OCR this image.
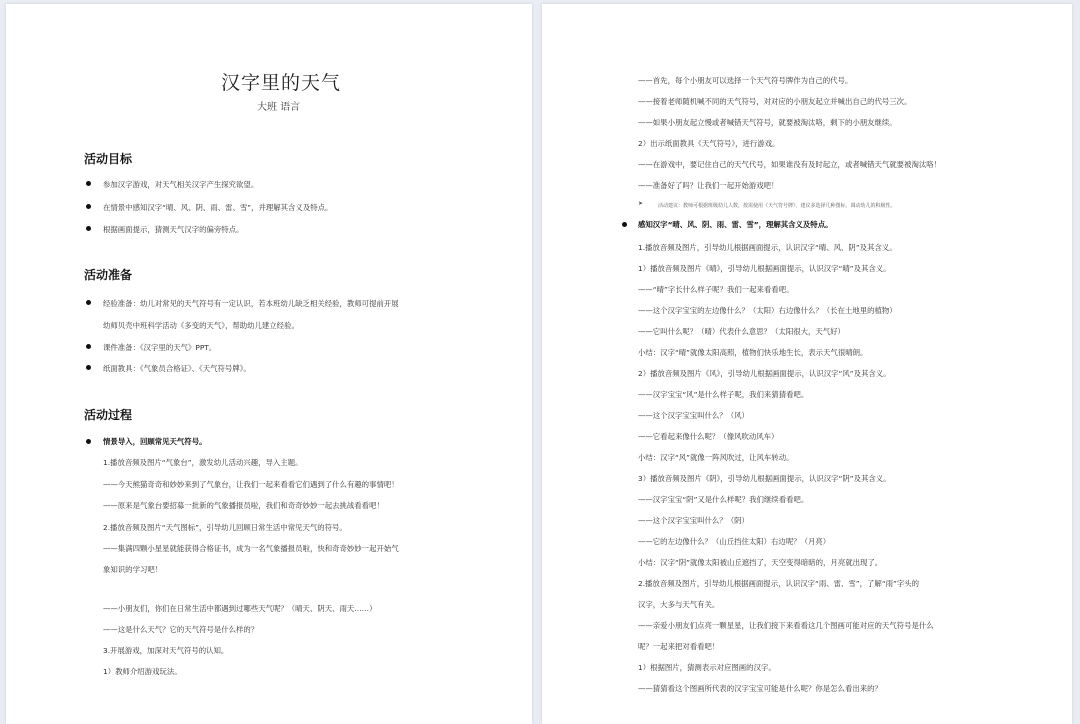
汉字里的天气
大班 语言
活动目标
参加汉字游戏，对天气相关汉字产生探究欲望。
在情景中感知汉字“晴、风、阴、雨、雷、雪”，并理解其含义及特点。
根据画面提示，猜测天气汉字的偏旁特点。
活动准备
经验准备：幼儿对常见的天气符号有一定认识，若本班幼儿缺乏相关经验，教师可提前开展
幼师贝壳中班科学活动《多变的天气》，帮助幼儿建立经验。
课件准备：《汉字里的天气》PPT。
纸面教具：《气象员合格证》、《天气符号牌》。
活动过程
情景导入，回顾常见天气符号。
1.播放音频及图片“气象台”，激发幼儿活动兴趣，导入主题。
——今天熊猫奇奇和妙妙来到了气象台，让我们一起来看看它们遇到了什么有趣的事情吧！
——原来是气象台要招募一批新的气象播报员啦，我们和奇奇妙妙一起去挑战看看吧！
2.播放音频及图片“天气图标”，引导幼儿回顾日常生活中常见天气的符号。
——集满四颗小星星就能获得合格证书，成为一名气象播报员啦，快和奇奇妙妙一起开始气
象知识的学习吧！
——小朋友们，你们在日常生活中都遇到过哪些天气呢？（晴天、阴天、雨天……）
——这是什么天气？它的天气符号是什么样的？
3.开展游戏，加深对天气符号的认知。
1）教师介绍游戏玩法。
——首先，每个小朋友可以选择一个天气符号牌作为自己的代号。
——接着老师随机喊不同的天气符号，对对应的小朋友起立并喊出自己的代号三次。
——如果小朋友起立慢或者喊错天气符号，就要被淘汰咯，剩下的小朋友继续。
2）出示纸面教具《天气符号》，进行游戏。
——在游戏中，要记住自己的天气代号，如果谁没有及时起立，或者喊错天气就要被淘汰咯！
——准备好了吗？让我们一起开始游戏吧！
➤	活动建议：教师可根据班级幼儿人数，按需使用《天气符号牌》，建议多选择几种图标，调动幼儿的积极性。
感知汉字“晴、风、阴、雨、雷、雪”，理解其含义及特点。
1.播放音频及图片，引导幼儿根据画面提示，认识汉字“晴、风、阴”及其含义。
1）播放音频及图片《晴》，引导幼儿根据画面提示，认识汉字“晴”及其含义。
——“晴”字长什么样子呢？我们一起来看看吧。
——这个汉字宝宝的左边像什么？（太阳）右边像什么？（长在土地里的植物）
——它叫什么呢？（晴）代表什么意思？（太阳很大，天气好）
小结：汉字“晴”就像太阳高照，植物们快乐地生长，表示天气很晴朗。
2）播放音频及图片《风》，引导幼儿根据画面提示，认识汉字“风”及其含义。
——汉字宝宝“风”是什么样子呢，我们来猜猜看吧。
——这个汉字宝宝叫什么？（风）
——它看起来像什么呢？（像风吹动风车）
小结：汉字“风”就像一阵风吹过，让风车转动。
3）播放音频及图片《阴》，引导幼儿根据画面提示，认识汉字“阴”及其含义。
——汉字宝宝“阴”又是什么样呢？我们继续看看吧。
——这个汉字宝宝叫什么？（阴）
——它的左边像什么？（山丘挡住太阳）右边呢？（月亮）
小结：汉字“阴”就像太阳被山丘遮挡了，天空变得暗暗的，月亮就出现了。
2.播放音频及图片，引导幼儿根据画面提示，认识汉字“雨、雷、雪”，了解“雨”字头的
汉字，大多与天气有关。
——亲爱小朋友们点亮一颗星星，让我们接下来看看这几个图画可能对应的天气符号是什么
呢？一起来把对看看吧！
1）根据图片，猜测表示对应图画的汉字。
——猜猜看这个图画所代表的汉字宝宝可能是什么呢？你是怎么看出来的？
